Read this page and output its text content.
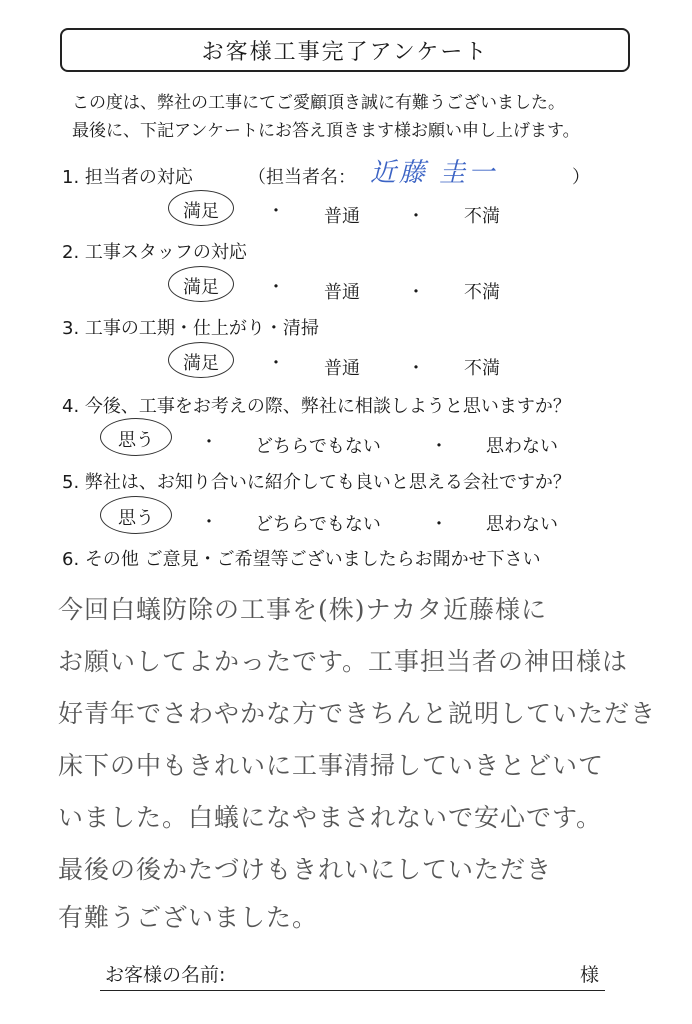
お客様工事完了アンケート
この度は、弊社の工事にてご愛顧頂き誠に有難うございました。
最後に、下記アンケートにお答え頂きます様お願い申し上げます。
1. 担当者の対応	（担当者名： 近藤 圭一	）
満足	・ 普通	・ 不満
2. 工事スタッフの対応
満足	・ 普通	・ 不満
3. 工事の工期・仕上がり・清掃
満足	・ 普通	・ 不満
4. 今後、工事をお考えの際、弊社に相談しようと思いますか？
思う	・ どちらでもない	・ 思わない
5. 弊社は、お知り合いに紹介しても良いと思える会社ですか？
思う	・ どちらでもない	・ 思わない
6. その他 ご意見・ご希望等ございましたらお聞かせ下さい
今回白蟻防除の工事を(株)ナカタ近藤様に
お願いしてよかったです。工事担当者の神田様は
好青年でさわやかな方できちんと説明していただき
床下の中もきれいに工事清掃していきとどいて
いました。白蟻になやまされないで安心です。
最後の後かたづけもきれいにしていただき
有難うございました。
お客様の名前:	様
